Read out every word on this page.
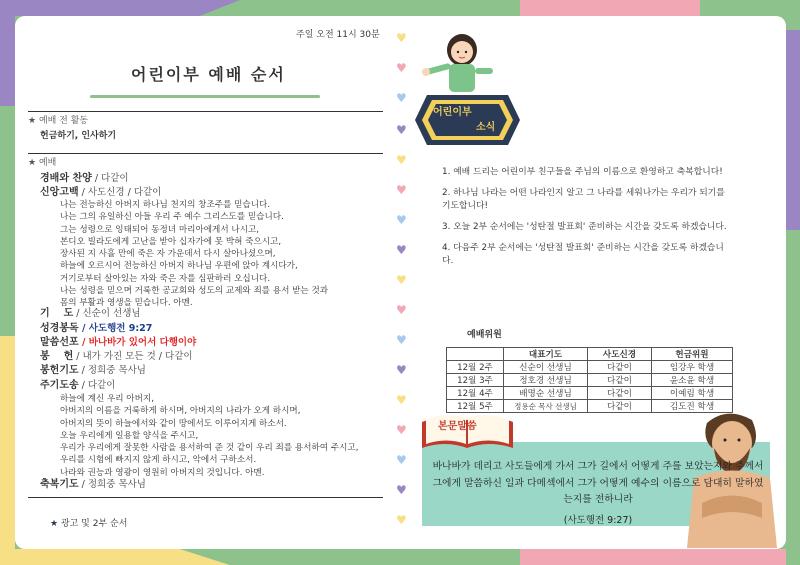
주일 오전 11시 30분
어린이부 예배 순서
★ 예배 전 활동
헌금하기, 인사하기
★ 예배
경배와 찬양 / 다같이
신앙고백 / 사도신경 / 다같이

나는 전능하신 아버지 하나님 천지의 창조주를 믿습니다.

나는 그의 유일하신 아들 우리 주 예수 그리스도를 믿습니다.

그는 성령으로 잉태되어 동정녀 마리아에게서 나시고,

본디오 빌라도에게 고난을 받아 십자가에 못 박혀 죽으시고,

장사된 지 사흘 만에 죽은 자 가운데서 다시 살아나셨으며,

하늘에 오르시어 전능하신 아버지 하나님 우편에 앉아 계시다가,

거기로부터 살아있는 자와 죽은 자를 심판하러 오십니다.

나는 성령을 믿으며 거룩한 공교회와 성도의 교제와 죄를 용서 받는 것과

몸의 부활과 영생을 믿습니다. 아멘.

기    도 / 신순이 선생님
성경봉독 / 사도행전 9:27
말씀선포 / 바나바가 있어서 다행이야
봉    헌 / 내가 가진 모든 것 / 다같이
봉헌기도 / 정희중 목사님
주기도송 / 다같이

하늘에 계신 우리 아버지,

아버지의 이름을 거룩하게 하시며, 아버지의 나라가 오게 하시며,

아버지의 뜻이 하늘에서와 같이 땅에서도 이루어지게 하소서.

오늘 우리에게 일용할 양식을 주시고,

우리가 우리에게 잘못한 사람을 용서하여 준 것 같이 우리 죄를 용서하여 주시고,

우리를 시험에 빠지지 않게 하시고, 악에서 구하소서.

나라와 권능과 영광이 영원히 아버지의 것입니다. 아멘.

축복기도 / 정희중 목사님
★ 광고 및 2부 순서
♥
♥
♥
♥
♥
♥
♥
♥
♥
♥
♥
♥
♥
♥
♥
♥
♥
어린이부
소식

1. 예배 드리는 어린이부 친구들을 주님의 이름으로 환영하고 축복합니다!

2. 하나님 나라는 어떤 나라인지 알고 그 나라를 세워나가는 우리가 되기를 기도합니다!

3. 오늘 2부 순서에는 '성탄절 발표회' 준비하는 시간을 갖도록 하겠습니다.

4. 다음주 2부 순서에는 '성탄절 발표회' 준비하는 시간을 갖도록 하겠습니다.

예배위원
	대표기도	사도신경	헌금위원
12월 2주	신순이 선생님	다같이	임강우 학생
12월 3주	정호경 선생님	다같이	윤소윤 학생
12월 4주	배명순 선생님	다같이	이예림 학생
12월 5주	정용순 목사 선생님	다같이	김도진 학생
본문말씀
바나바가 데리고 사도들에게 가서 그가 길에서 어떻게 주를 보았는지와 주께서 그에게 말씀하신 일과 다메섹에서 그가 어떻게 예수의 이름으로 담대히 말하였는지를 전하니라
(사도행전 9:27)
